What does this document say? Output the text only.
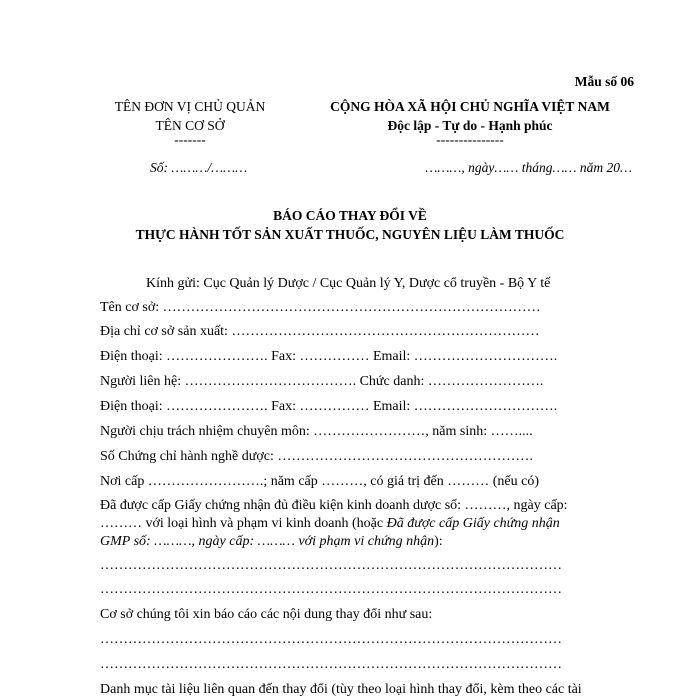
Mẫu số 06
TÊN ĐƠN VỊ CHỦ QUẢN
TÊN CƠ SỞ
-------
Số: ………/………
CỘNG HÒA XÃ HỘI CHỦ NGHĨA VIỆT NAM
Độc lập - Tự do - Hạnh phúc
---------------
………, ngày…… tháng…… năm 20…
BÁO CÁO THAY ĐỔI VỀ
THỰC HÀNH TỐT SẢN XUẤT THUỐC, NGUYÊN LIỆU LÀM THUỐC
Kính gửi: Cục Quản lý Dược / Cục Quản lý Y, Dược cổ truyền - Bộ Y tế
Tên cơ sở: ………………………………………………………………………
Địa chỉ cơ sở sản xuất: …………………………………………………………
Điện thoại: …………………. Fax: …………… Email: ………………………….
Người liên hệ: ………………………………. Chức danh: …………………….
Điện thoại: …………………. Fax: …………… Email: ………………………….
Người chịu trách nhiệm chuyên môn: ……………………, năm sinh: ……....
Số Chứng chỉ hành nghề dược: ……………………………………………….
Nơi cấp …………………….; năm cấp ………, có giá trị đến ……… (nếu có)
Đã được cấp Giấy chứng nhận đủ điều kiện kinh doanh dược số: ………, ngày cấp:
……… với loại hình và phạm vi kinh doanh (hoặc Đã được cấp Giấy chứng nhận
GMP số: ………, ngày cấp: ……… với phạm vi chứng nhận):
………………………………………………………………………………………
………………………………………………………………………………………
Cơ sở chúng tôi xin báo cáo các nội dung thay đổi như sau:
………………………………………………………………………………………
………………………………………………………………………………………
Danh mục tài liệu liên quan đến thay đổi (tùy theo loại hình thay đổi, kèm theo các tài
